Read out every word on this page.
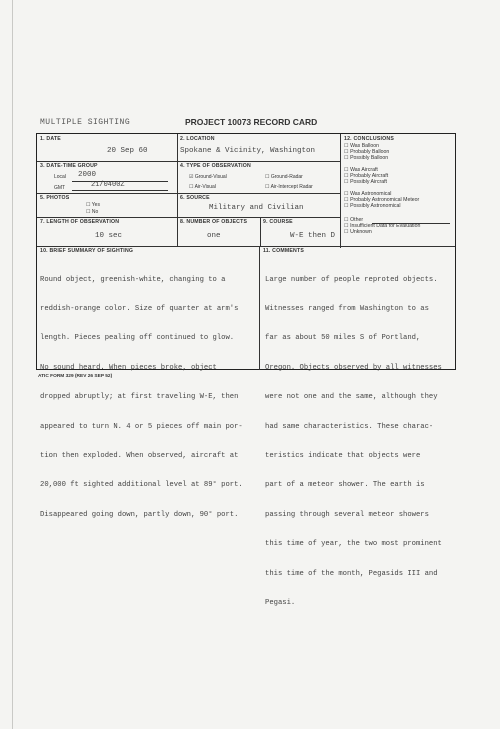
MULTIPLE SIGHTING	PROJECT 10073 RECORD CARD
1. DATE
20 Sep 60
2. LOCATION
Spokane & Vicinity, Washington
3. DATE-TIME GROUP
Local 2000
GMT	21/0400Z
4. TYPE OF OBSERVATION
☑ Ground-Visual	☐ Ground-Radar
☐ Air-Visual	☐ Air-Intercept Radar
5. PHOTOS
☐ Yes
☐ No
6. SOURCE
Military and Civilian
7. LENGTH OF OBSERVATION
10 sec
8. NUMBER OF OBJECTS
one
9. COURSE
W-E then D
12. CONCLUSIONS
☐ Was Balloon
☐ Probably Balloon
☐ Possibly Balloon
☐ Was Aircraft
☐ Probably Aircraft
☐ Possibly Aircraft
☐ Was Astronomical
☐ Probably Astronomical Meteor
☐ Possibly Astronomical
☐ Other
☐ Insufficient Data for Evaluation
☐ Unknown
10. BRIEF SUMMARY OF SIGHTING

Round object, greenish-white, changing to a

reddish-orange color. Size of quarter at arm's

length. Pieces pealing off continued to glow.

No sound heard. When pieces broke, object

dropped abruptly; at first traveling W-E, then

appeared to turn N. 4 or 5 pieces off main por-

tion then exploded. When observed, aircraft at

20,000 ft sighted additional level at 89° port.

Disappeared going down, partly down, 90° port.

11. COMMENTS

Large number of people reproted objects.

Witnesses ranged from Washington to as

far as about 50 miles S of Portland,

Oregon. Objects observed by all witnesses

were not one and the same, although they

had same characteristics. These charac-

teristics indicate that objects were

part of a meteor shower. The earth is

passing through several meteor showers

this time of year, the two most prominent

this time of the month, Pegasids III and

Pegasi.

ATIC FORM 329 (REV 26 SEP 52)
